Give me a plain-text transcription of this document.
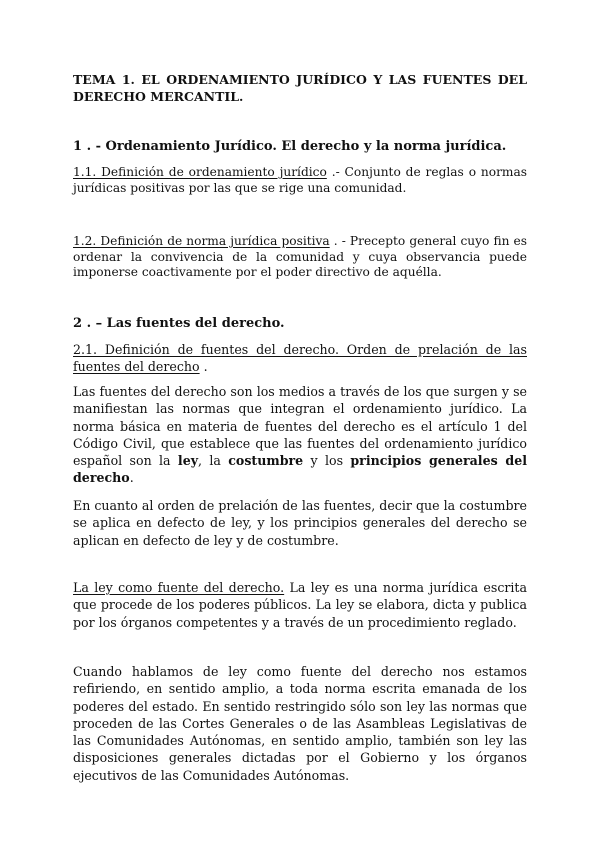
TEMA 1. EL ORDENAMIENTO JURÍDICO Y LAS FUENTES DEL DERECHO MERCANTIL.

1 . - Ordenamiento Jurídico. El derecho y la norma jurídica.

1.1. Definición de ordenamiento jurídico .- Conjunto de reglas o normas jurídicas positivas por las que se rige una comunidad.

1.2. Definición de norma jurídica positiva . - Precepto general cuyo fin es ordenar la convivencia de la comunidad y cuya observancia puede imponerse coactivamente por el poder directivo de aquélla.

2 . – Las fuentes del derecho.

2.1. Definición de fuentes del derecho. Orden de prelación de las fuentes del derecho .

Las fuentes del derecho son los medios a través de los que surgen y se manifiestan las normas que integran el ordenamiento jurídico. La norma básica en materia de fuentes del derecho es el artículo 1 del Código Civil, que establece que las fuentes del ordenamiento jurídico español son la ley, la costumbre y los principios generales del derecho.

En cuanto al orden de prelación de las fuentes, decir que la costumbre se aplica en defecto de ley, y los principios generales del derecho se aplican en defecto de ley y de costumbre.

La ley como fuente del derecho. La ley es una norma jurídica escrita que procede de los poderes públicos. La ley se elabora, dicta y publica por los órganos competentes y a través de un procedimiento reglado.

Cuando hablamos de ley como fuente del derecho nos estamos refiriendo, en sentido amplio, a toda norma escrita emanada de los poderes del estado. En sentido restringido sólo son ley las normas que proceden de las Cortes Generales o de las Asambleas Legislativas de las Comunidades Autónomas, en sentido amplio, también son ley las disposiciones generales dictadas por el Gobierno y los órganos ejecutivos de las Comunidades Autónomas.
